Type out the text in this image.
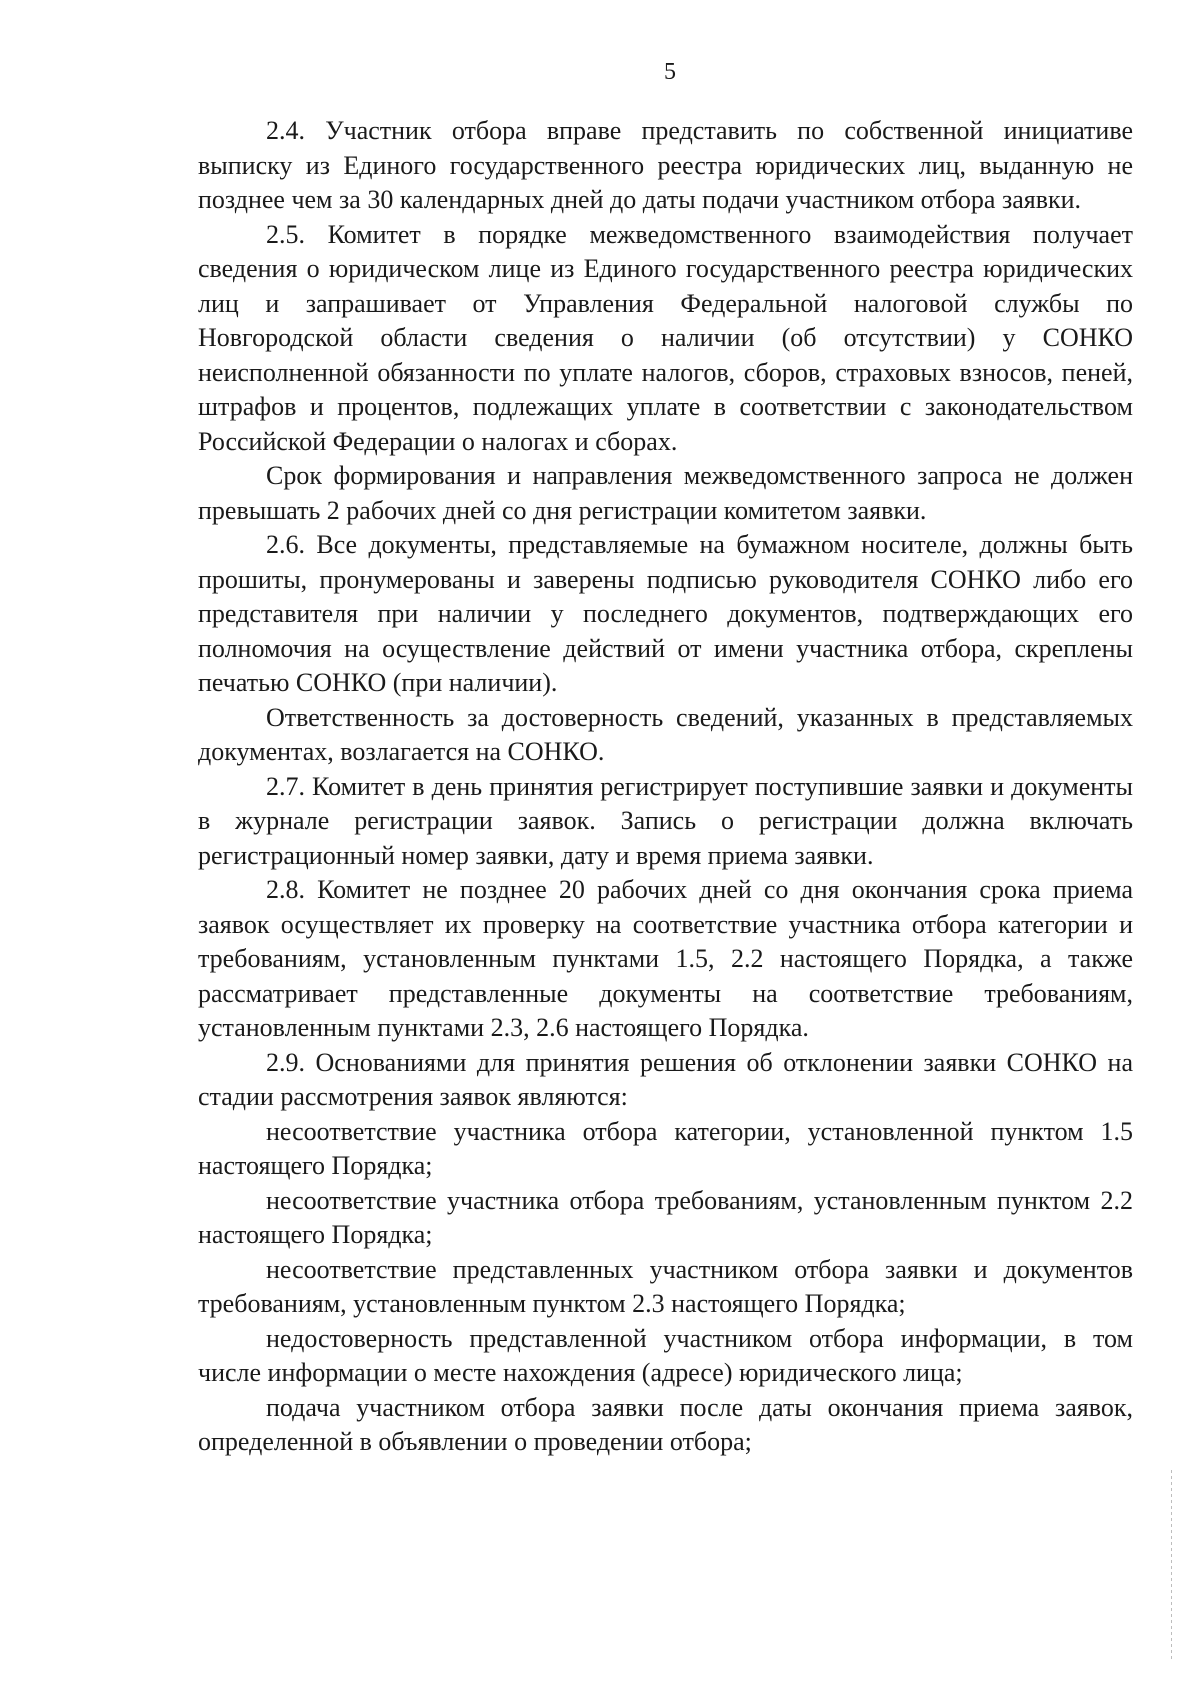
5

2.4. Участник отбора вправе представить по собственной инициативе выписку из Единого государственного реестра юридических лиц, выданную не позднее чем за 30 календарных дней до даты подачи участником отбора заявки.

2.5. Комитет в порядке межведомственного взаимодействия получает сведения о юридическом лице из Единого государственного реестра юридических лиц и запрашивает от Управления Федеральной налоговой службы по Новгородской области сведения о наличии (об отсутствии) у СОНКО неисполненной обязанности по уплате налогов, сборов, страховых взносов, пеней, штрафов и процентов, подлежащих уплате в соответствии с законодательством Российской Федерации о налогах и сборах.

Срок формирования и направления межведомственного запроса не должен превышать 2 рабочих дней со дня регистрации комитетом заявки.

2.6. Все документы, представляемые на бумажном носителе, должны быть прошиты, пронумерованы и заверены подписью руководителя СОНКО либо его представителя при наличии у последнего документов, подтверждающих его полномочия на осуществление действий от имени участника отбора, скреплены печатью СОНКО (при наличии).

Ответственность за достоверность сведений, указанных в представляемых документах, возлагается на СОНКО.

2.7. Комитет в день принятия регистрирует поступившие заявки и документы в журнале регистрации заявок. Запись о регистрации должна включать регистрационный номер заявки, дату и время приема заявки.

2.8. Комитет не позднее 20 рабочих дней со дня окончания срока приема заявок осуществляет их проверку на соответствие участника отбора категории и требованиям, установленным пунктами 1.5, 2.2 настоящего Порядка, а также рассматривает представленные документы на соответствие требованиям, установленным пунктами 2.3, 2.6 настоящего Порядка.

2.9. Основаниями для принятия решения об отклонении заявки СОНКО на стадии рассмотрения заявок являются:

несоответствие участника отбора категории, установленной пунктом 1.5 настоящего Порядка;

несоответствие участника отбора требованиям, установленным пунктом 2.2 настоящего Порядка;

несоответствие представленных участником отбора заявки и документов требованиям, установленным пунктом 2.3 настоящего Порядка;

недостоверность представленной участником отбора информации, в том числе информации о месте нахождения (адресе) юридического лица;

подача участником отбора заявки после даты окончания приема заявок, определенной в объявлении о проведении отбора;
